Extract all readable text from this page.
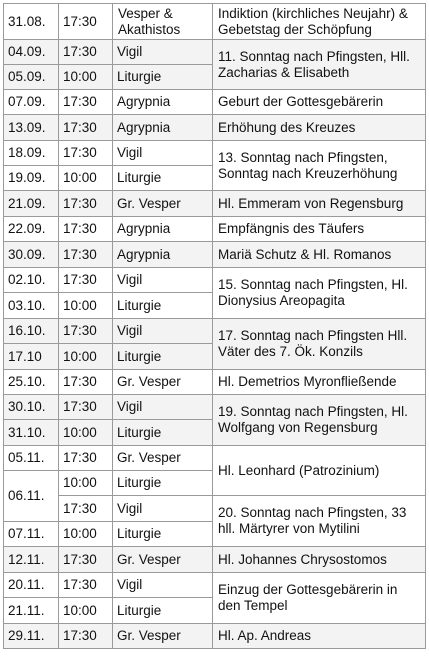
31.08.	17:30	Vesper & Akathistos	Indiktion (kirchliches Neujahr) & Gebetstag der Schöpfung
04.09.	17:30	Vigil	11. Sonntag nach Pfingsten, Hll. Zacharias & Elisabeth
05.09.	10:00	Liturgie	
07.09.	17:30	Agrypnia	Geburt der Gottesgebärerin
13.09.	17:30	Agrypnia	Erhöhung des Kreuzes
18.09.	17:30	Vigil	13. Sonntag nach Pfingsten, Sonntag nach Kreuzerhöhung
19.09.	10:00	Liturgie	
21.09.	17:30	Gr. Vesper	Hl. Emmeram von Regensburg
22.09.	17:30	Agrypnia	Empfängnis des Täufers
30.09.	17:30	Agrypnia	Mariä Schutz & Hl. Romanos
02.10.	17:30	Vigil	15. Sonntag nach Pfingsten, Hl. Dionysius Areopagita
03.10.	10:00	Liturgie	
16.10.	17:30	Vigil	17. Sonntag nach Pfingsten Hll. Väter des 7. Ök. Konzils
17.10	10:00	Liturgie	
25.10.	17:30	Gr. Vesper	Hl. Demetrios Myronfließende
30.10.	17:30	Vigil	19. Sonntag nach Pfingsten, Hl. Wolfgang von Regensburg
31.10.	10:00	Liturgie	
05.11.	17:30	Gr. Vesper	Hl. Leonhard (Patrozinium)
06.11.	10:00	Liturgie	
	17:30	Vigil	20. Sonntag nach Pfingsten, 33 hll. Märtyrer von Mytilini
07.11.	10:00	Liturgie	
12.11.	17:30	Gr. Vesper	Hl. Johannes Chrysostomos
20.11.	17:30	Vigil	Einzug der Gottesgebärerin in den Tempel
21.11.	10:00	Liturgie	
29.11.	17:30	Gr. Vesper	Hl. Ap. Andreas
